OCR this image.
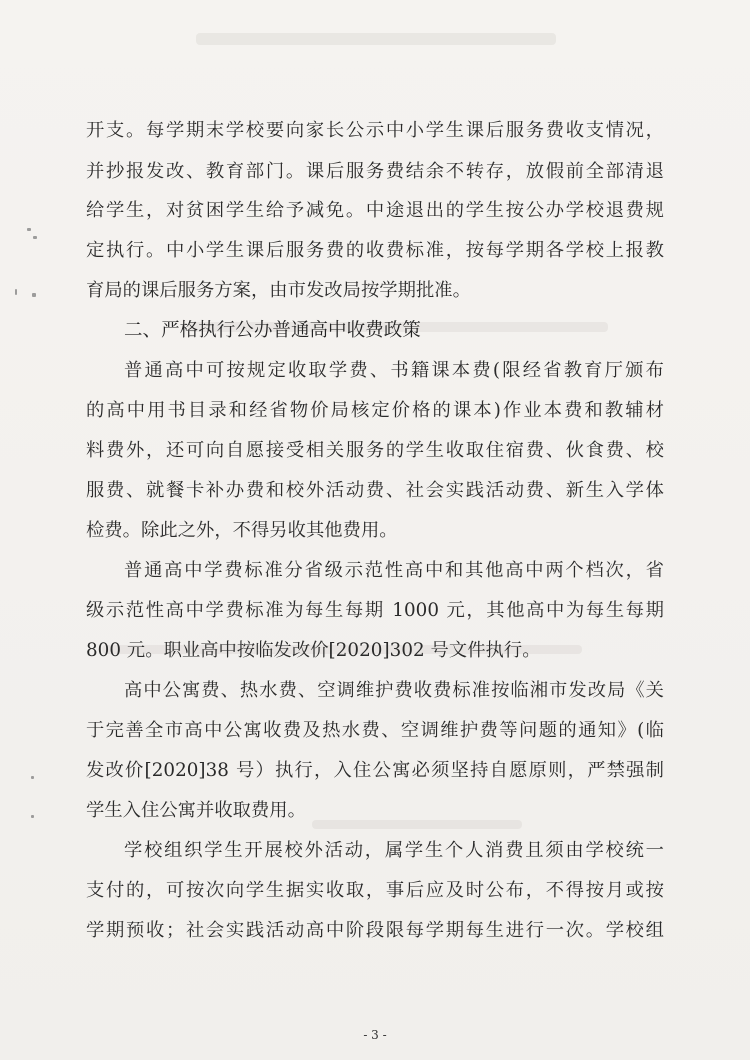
开支。每学期末学校要向家长公示中小学生课后服务费收支情况，
并抄报发改、教育部门。课后服务费结余不转存，放假前全部清退
给学生，对贫困学生给予减免。中途退出的学生按公办学校退费规
定执行。中小学生课后服务费的收费标准，按每学期各学校上报教
育局的课后服务方案，由市发改局按学期批准。
二、严格执行公办普通高中收费政策
普通高中可按规定收取学费、书籍课本费(限经省教育厅颁布
的高中用书目录和经省物价局核定价格的课本)作业本费和教辅材
料费外，还可向自愿接受相关服务的学生收取住宿费、伙食费、校
服费、就餐卡补办费和校外活动费、社会实践活动费、新生入学体
检费。除此之外，不得另收其他费用。
普通高中学费标准分省级示范性高中和其他高中两个档次，省
级示范性高中学费标准为每生每期 1000 元，其他高中为每生每期
800 元。职业高中按临发改价[2020]302 号文件执行。
高中公寓费、热水费、空调维护费收费标准按临湘市发改局《关
于完善全市高中公寓收费及热水费、空调维护费等问题的通知》(临
发改价[2020]38 号）执行，入住公寓必须坚持自愿原则，严禁强制
学生入住公寓并收取费用。
学校组织学生开展校外活动，属学生个人消费且须由学校统一
支付的，可按次向学生据实收取，事后应及时公布，不得按月或按
学期预收；社会实践活动高中阶段限每学期每生进行一次。学校组
- 3 -
